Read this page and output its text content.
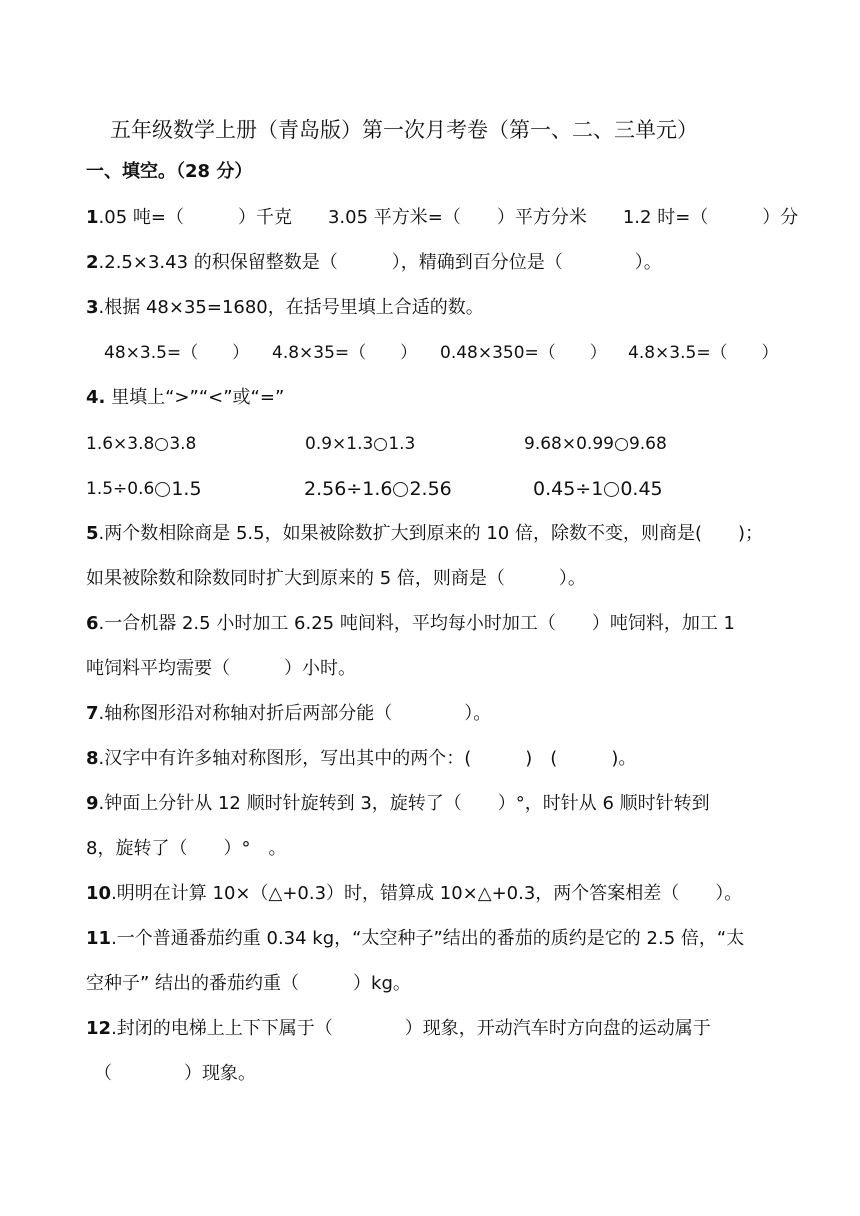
五年级数学上册（青岛版）第一次月考卷（第一、二、三单元）
一、填空。（28 分）
1.05 吨=（　　　）千克　　3.05 平方米=（　　）平方分米　　1.2 时=（　　　）分
2.2.5×3.43 的积保留整数是（　　　），精确到百分位是（　　　　）。
3.根据 48×35=1680，在括号里填上合适的数。
48×3.5=（　　） 4.8×35=（　　） 0.48×350=（　　） 4.8×3.5=（　　）
4. 里填上“>”“<”或“=”
1.6×3.8 3.8	0.9×1.3 1.3	9.68×0.99 9.68
1.5÷0.6 1.5	2.56÷1.6 2.56	0.45÷1 0.45
5.两个数相除商是 5.5，如果被除数扩大到原来的 10 倍，除数不变，则商是(　　)；
如果被除数和除数同时扩大到原来的 5 倍，则商是（　　　）。
6.一合机器 2.5 小时加工 6.25 吨间料，平均每小时加工（　　）吨饲料，加工 1
吨饲料平均需要（　　　）小时。
7.轴称图形沿对称轴对折后两部分能（　　　　）。
8.汉字中有许多轴对称图形，写出其中的两个：(　　　)　(　　　)。
9.钟面上分针从 12 顺时针旋转到 3，旋转了（　　）°，时针从 6 顺时针转到
8，旋转了（　　）°　。
10.明明在计算 10×（△+0.3）时，错算成 10×△+0.3，两个答案相差（　　）。
11.一个普通番茄约重 0.34 kg，“太空种子”结出的番茄的质约是它的 2.5 倍，“太
空种子” 结出的番茄约重（　　　）kg。
12.封闭的电梯上上下下属于（　　　　）现象，开动汽车时方向盘的运动属于
（　　　　）现象。
